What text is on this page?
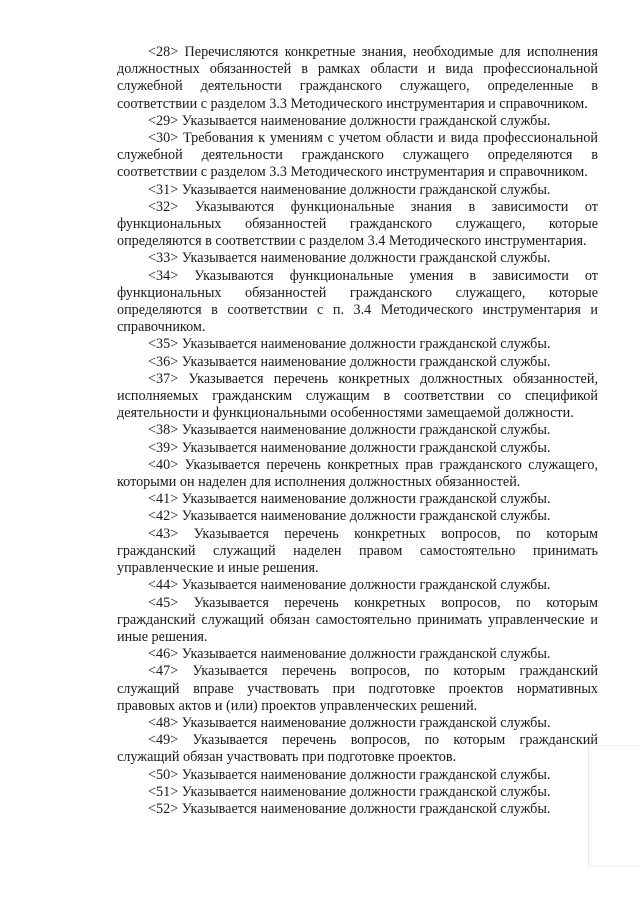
<28> Перечисляются конкретные знания, необходимые для исполнения должностных обязанностей в рамках области и вида профессиональной служебной деятельности гражданского служащего, определенные в соответствии с разделом 3.3 Методического инструментария и справочником.

<29> Указывается наименование должности гражданской службы.

<30> Требования к умениям с учетом области и вида профессиональной служебной деятельности гражданского служащего определяются в соответствии с разделом 3.3 Методического инструментария и справочником.

<31> Указывается наименование должности гражданской службы.

<32> Указываются функциональные знания в зависимости от функциональных обязанностей гражданского служащего, которые определяются в соответствии с разделом 3.4 Методического инструментария.

<33> Указывается наименование должности гражданской службы.

<34> Указываются функциональные умения в зависимости от функциональных обязанностей гражданского служащего, которые определяются в соответствии с п. 3.4 Методического инструментария и справочником.

<35> Указывается наименование должности гражданской службы.

<36> Указывается наименование должности гражданской службы.

<37> Указывается перечень конкретных должностных обязанностей, исполняемых гражданским служащим в соответствии со спецификой деятельности и функциональными особенностями замещаемой должности.

<38> Указывается наименование должности гражданской службы.

<39> Указывается наименование должности гражданской службы.

<40> Указывается перечень конкретных прав гражданского служащего, которыми он наделен для исполнения должностных обязанностей.

<41> Указывается наименование должности гражданской службы.

<42> Указывается наименование должности гражданской службы.

<43> Указывается перечень конкретных вопросов, по которым гражданский служащий наделен правом самостоятельно принимать управленческие и иные решения.

<44> Указывается наименование должности гражданской службы.

<45> Указывается перечень конкретных вопросов, по которым гражданский служащий обязан самостоятельно принимать управленческие и иные решения.

<46> Указывается наименование должности гражданской службы.

<47> Указывается перечень вопросов, по которым гражданский служащий вправе участвовать при подготовке проектов нормативных правовых актов и (или) проектов управленческих решений.

<48> Указывается наименование должности гражданской службы.

<49> Указывается перечень вопросов, по которым гражданский служащий обязан участвовать при подготовке проектов.

<50> Указывается наименование должности гражданской службы.

<51> Указывается наименование должности гражданской службы.

<52> Указывается наименование должности гражданской службы.
